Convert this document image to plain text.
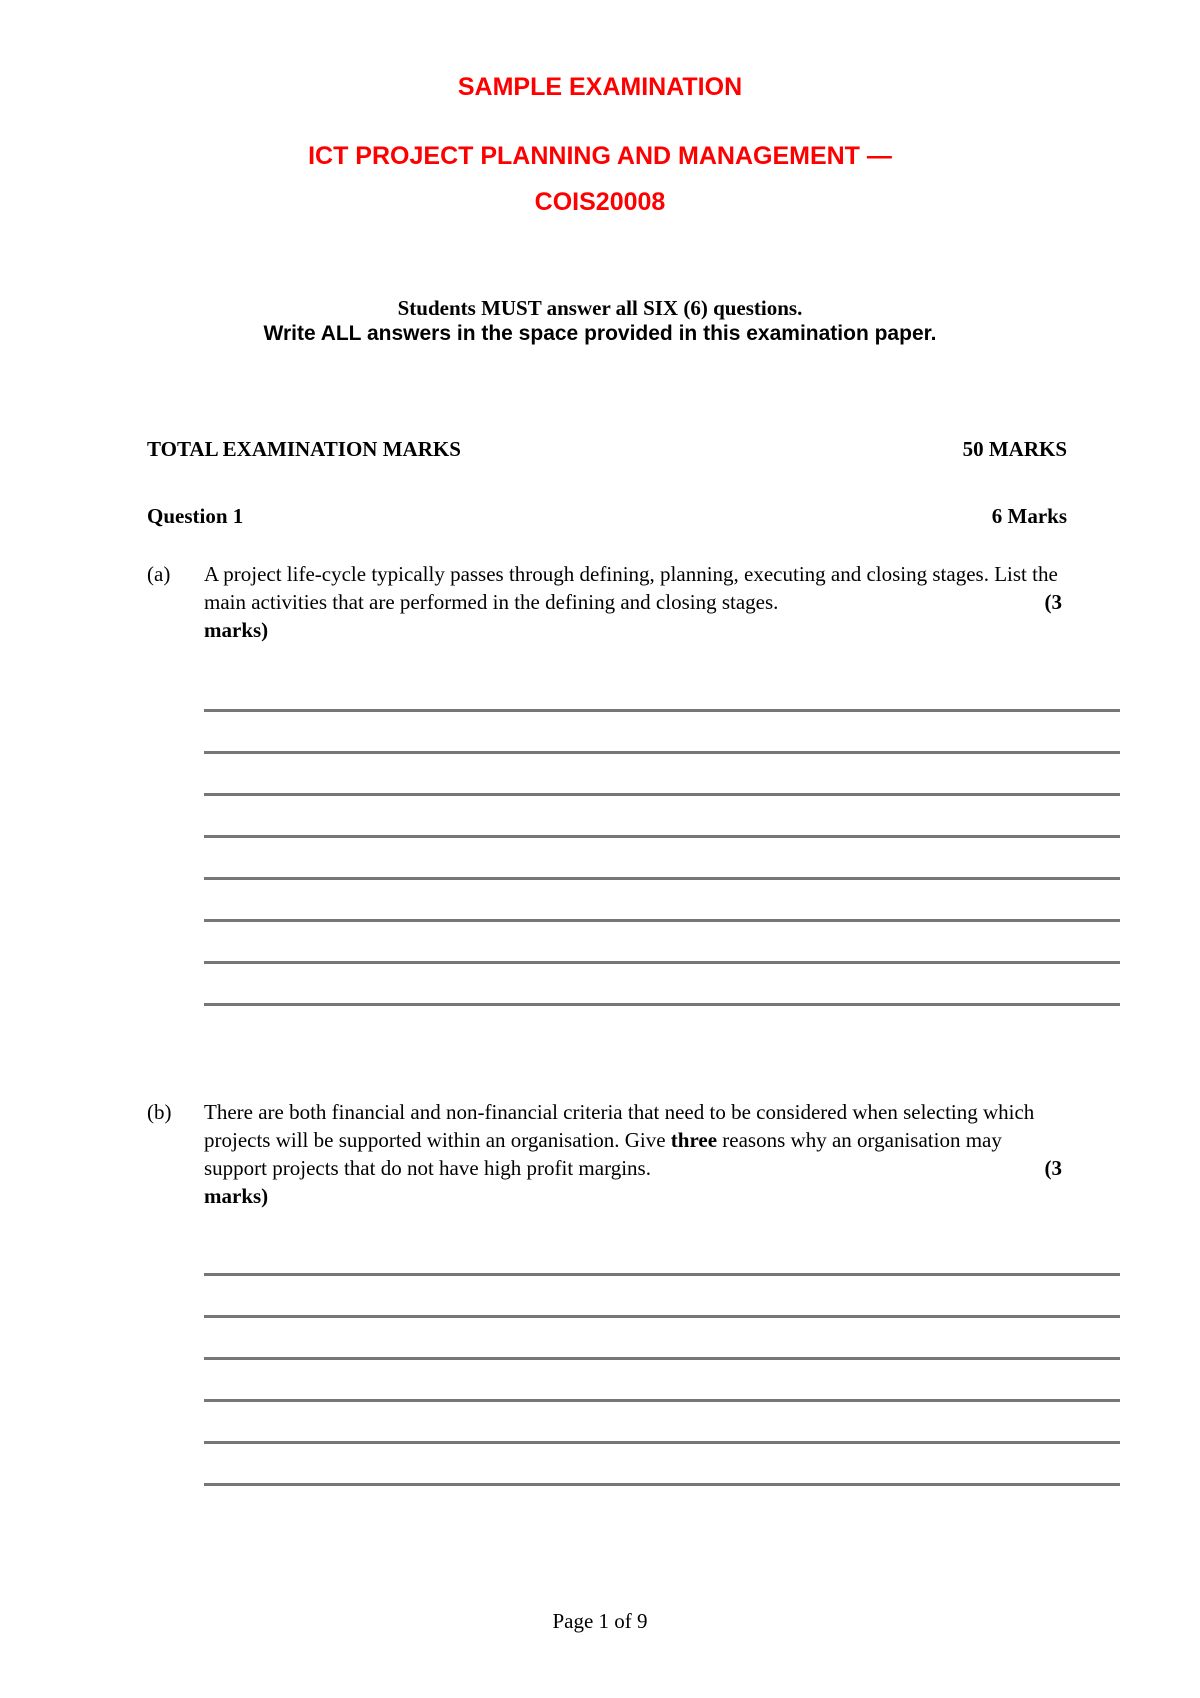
SAMPLE EXAMINATION
ICT PROJECT PLANNING AND MANAGEMENT —
COIS20008
Students MUST answer all SIX (6) questions.
Write ALL answers in the space provided in this examination paper.
TOTAL EXAMINATION MARKS	50 MARKS
Question 1	6 Marks
(a) A project life-cycle typically passes through defining, planning, executing and closing stages. List the main activities that are performed in the defining and closing stages.	(3

marks)
(b) There are both financial and non-financial criteria that need to be considered when selecting which projects will be supported within an organisation. Give three reasons why an organisation may support projects that do not have high profit margins.	(3

marks)
Page 1 of 9
